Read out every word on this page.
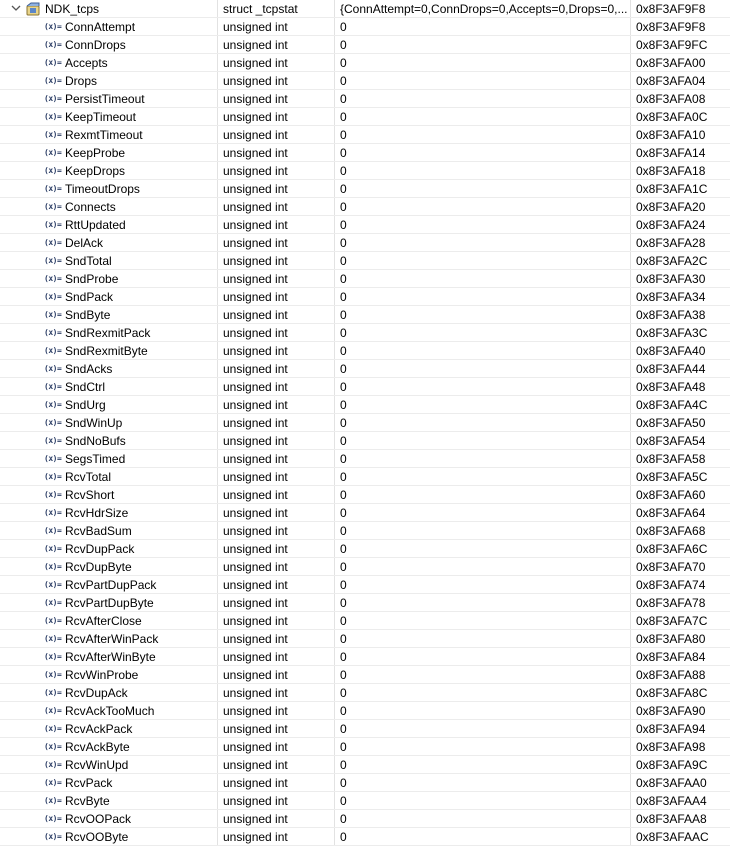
NDK_tcps	struct _tcpstat	{ConnAttempt=0,ConnDrops=0,Accepts=0,Drops=0,... 0x8F3AF9F8
(x)= ConnAttempt	unsigned int	0	0x8F3AF9F8
(x)= ConnDrops	unsigned int	0	0x8F3AF9FC
(x)= Accepts	unsigned int	0	0x8F3AFA00
(x)= Drops	unsigned int	0	0x8F3AFA04
(x)= PersistTimeout	unsigned int	0	0x8F3AFA08
(x)= KeepTimeout	unsigned int	0	0x8F3AFA0C
(x)= RexmtTimeout	unsigned int	0	0x8F3AFA10
(x)= KeepProbe	unsigned int	0	0x8F3AFA14
(x)= KeepDrops	unsigned int	0	0x8F3AFA18
(x)= TimeoutDrops	unsigned int	0	0x8F3AFA1C
(x)= Connects	unsigned int	0	0x8F3AFA20
(x)= RttUpdated	unsigned int	0	0x8F3AFA24
(x)= DelAck	unsigned int	0	0x8F3AFA28
(x)= SndTotal	unsigned int	0	0x8F3AFA2C
(x)= SndProbe	unsigned int	0	0x8F3AFA30
(x)= SndPack	unsigned int	0	0x8F3AFA34
(x)= SndByte	unsigned int	0	0x8F3AFA38
(x)= SndRexmitPack	unsigned int	0	0x8F3AFA3C
(x)= SndRexmitByte	unsigned int	0	0x8F3AFA40
(x)= SndAcks	unsigned int	0	0x8F3AFA44
(x)= SndCtrl	unsigned int	0	0x8F3AFA48
(x)= SndUrg	unsigned int	0	0x8F3AFA4C
(x)= SndWinUp	unsigned int	0	0x8F3AFA50
(x)= SndNoBufs	unsigned int	0	0x8F3AFA54
(x)= SegsTimed	unsigned int	0	0x8F3AFA58
(x)= RcvTotal	unsigned int	0	0x8F3AFA5C
(x)= RcvShort	unsigned int	0	0x8F3AFA60
(x)= RcvHdrSize	unsigned int	0	0x8F3AFA64
(x)= RcvBadSum	unsigned int	0	0x8F3AFA68
(x)= RcvDupPack	unsigned int	0	0x8F3AFA6C
(x)= RcvDupByte	unsigned int	0	0x8F3AFA70
(x)= RcvPartDupPack	unsigned int	0	0x8F3AFA74
(x)= RcvPartDupByte	unsigned int	0	0x8F3AFA78
(x)= RcvAfterClose	unsigned int	0	0x8F3AFA7C
(x)= RcvAfterWinPack	unsigned int	0	0x8F3AFA80
(x)= RcvAfterWinByte	unsigned int	0	0x8F3AFA84
(x)= RcvWinProbe	unsigned int	0	0x8F3AFA88
(x)= RcvDupAck	unsigned int	0	0x8F3AFA8C
(x)= RcvAckTooMuch	unsigned int	0	0x8F3AFA90
(x)= RcvAckPack	unsigned int	0	0x8F3AFA94
(x)= RcvAckByte	unsigned int	0	0x8F3AFA98
(x)= RcvWinUpd	unsigned int	0	0x8F3AFA9C
(x)= RcvPack	unsigned int	0	0x8F3AFAA0
(x)= RcvByte	unsigned int	0	0x8F3AFAA4
(x)= RcvOOPack	unsigned int	0	0x8F3AFAA8
(x)= RcvOOByte	unsigned int	0	0x8F3AFAAC
